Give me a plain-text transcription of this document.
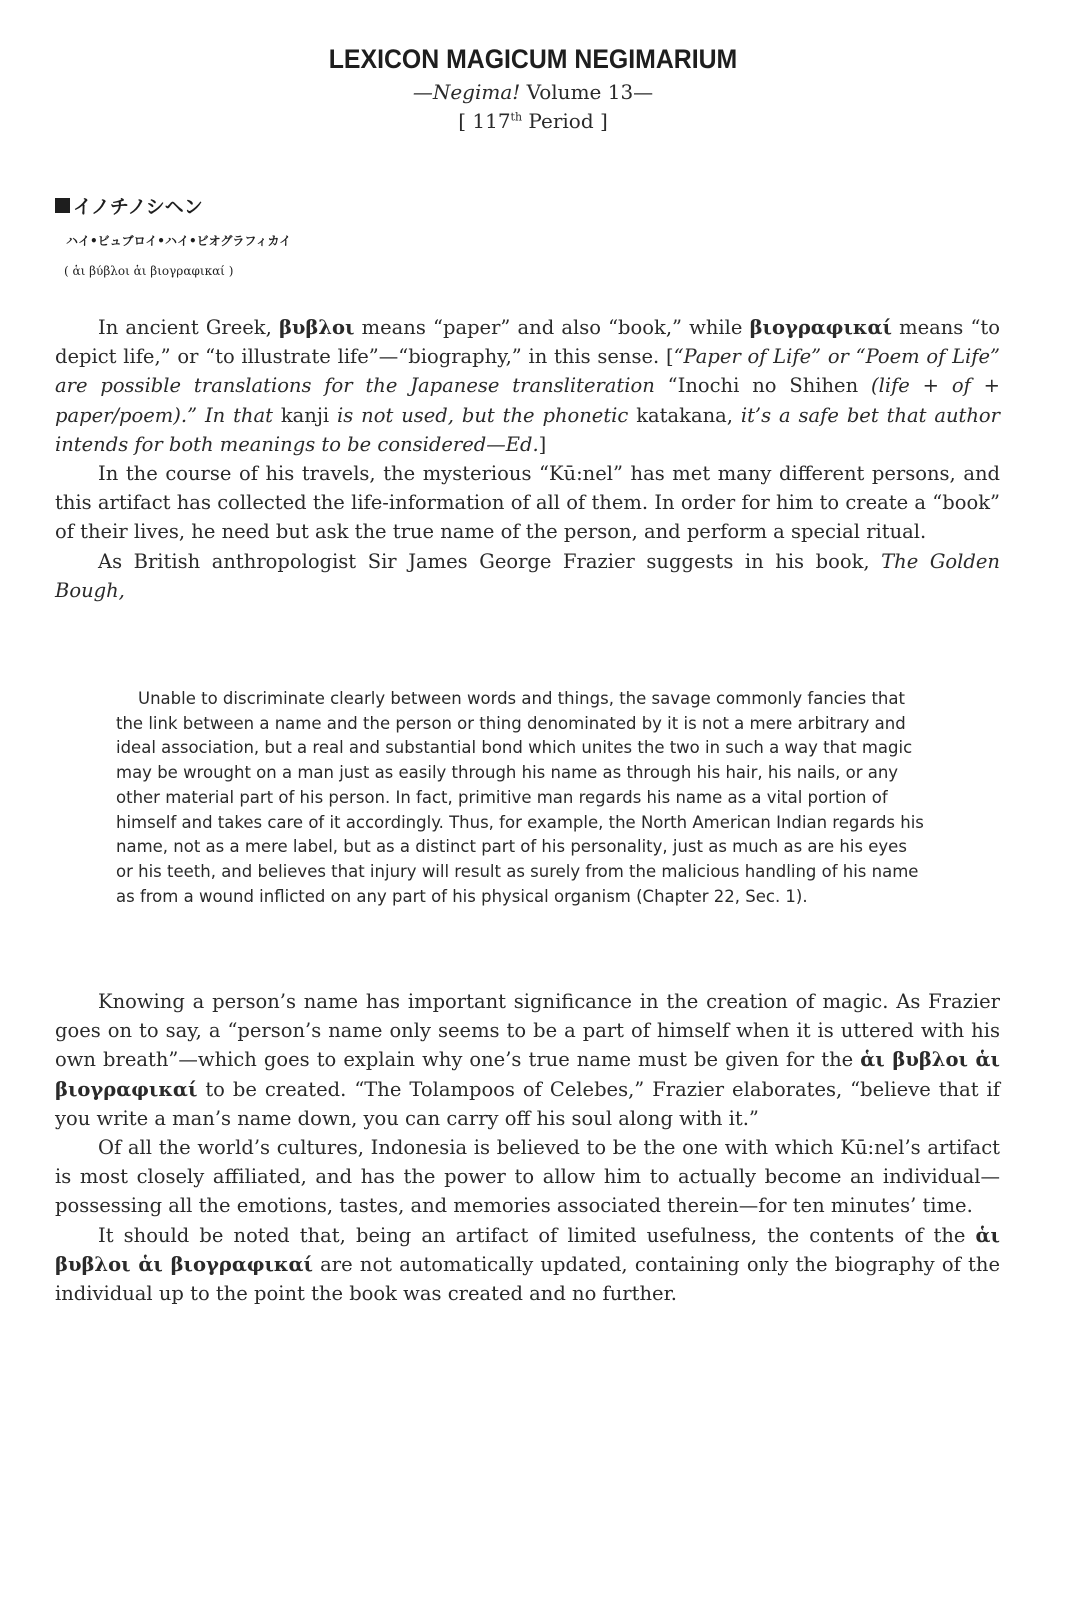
LEXICON MAGICUM NEGIMARIUM
—Negima! Volume 13—
[ 117th Period ]
イノチノシヘン
ハイ•ビュブロイ•ハイ•ビオグラフィカイ
( ἁι βύβλοι ἁι βιογραφικαί )

In ancient Greek, βυβλοι means “paper” and also “book,” while βιογραφικαί means “to depict life,” or “to illustrate life”—“biography,” in this sense. [“Paper of Life” or “Poem of Life” are possible translations for the Japanese transliteration “Inochi no Shihen (life + of + paper/poem).” In that kanji is not used, but the phonetic katakana, it’s a safe bet that author intends for both meanings to be considered—Ed.]

In the course of his travels, the mysterious “Kū:nel” has met many different persons, and this artifact has collected the life-information of all of them. In order for him to create a “book” of their lives, he need but ask the true name of the person, and perform a special ritual.

As British anthropologist Sir James George Frazier suggests in his book, The Golden Bough,

Unable to discriminate clearly between words and things, the savage commonly fancies that the link between a name and the person or thing denominated by it is not a mere arbitrary and ideal association, but a real and substantial bond which unites the two in such a way that magic may be wrought on a man just as easily through his name as through his hair, his nails, or any other material part of his person. In fact, primitive man regards his name as a vital portion of himself and takes care of it accordingly. Thus, for example, the North American Indian regards his name, not as a mere label, but as a distinct part of his personality, just as much as are his eyes or his teeth, and believes that injury will result as surely from the malicious handling of his name as from a wound inflicted on any part of his physical organism (Chapter 22, Sec. 1).

Knowing a person’s name has important significance in the creation of magic. As Frazier goes on to say, a “person’s name only seems to be a part of himself when it is uttered with his own breath”—which goes to explain why one’s true name must be given for the ἁι βυβλοι ἁι βιογραφικαί to be created. “The Tolampoos of Celebes,” Frazier elaborates, “believe that if you write a man’s name down, you can carry off his soul along with it.”

Of all the world’s cultures, Indonesia is believed to be the one with which Kū:nel’s artifact is most closely affiliated, and has the power to allow him to actually become an individual—possessing all the emotions, tastes, and memories associated therein—for ten minutes’ time.

It should be noted that, being an artifact of limited usefulness, the contents of the ἁι βυβλοι ἁι βιογραφικαί are not automatically updated, containing only the biography of the individual up to the point the book was created and no further.
